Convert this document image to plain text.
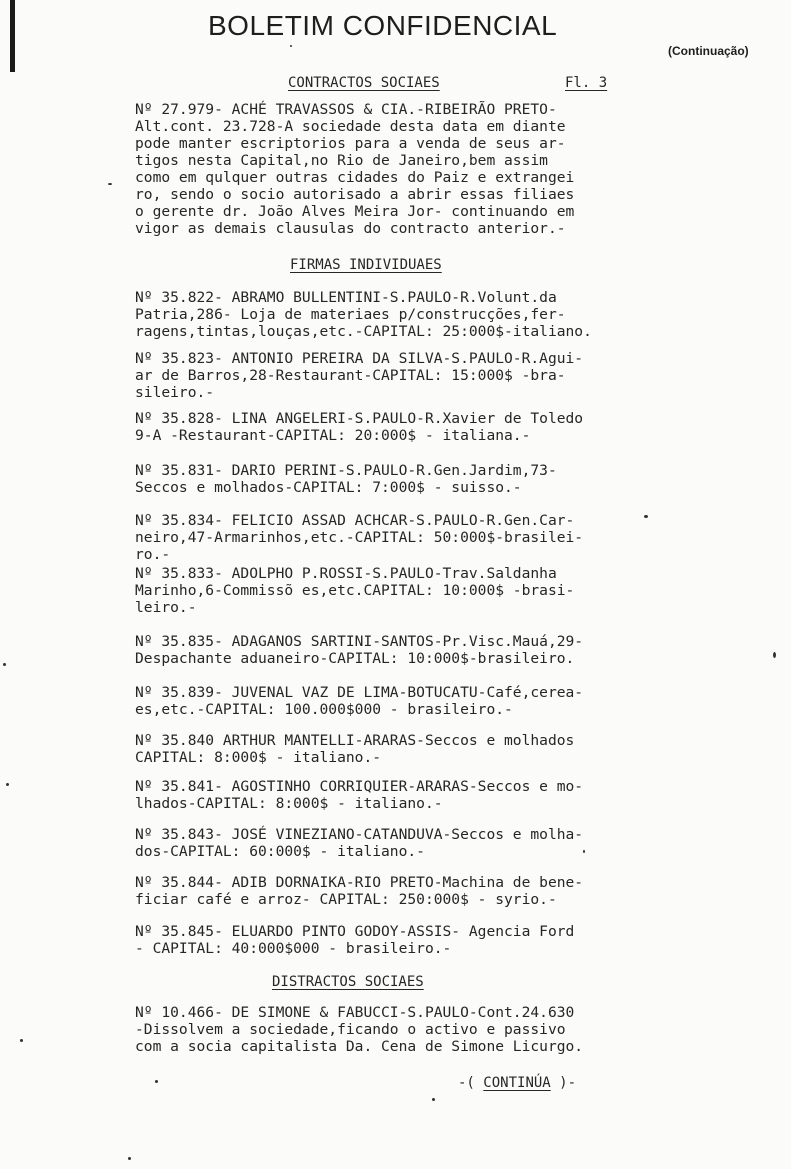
BOLETIM CONFIDENCIAL
(Continuação)
CONTRACTOS SOCIAES	Fl. 3
Nº 27.979- ACHÉ TRAVASSOS & CIA.-RIBEIRÃO PRETO-
Alt.cont. 23.728-A sociedade desta data em diante
pode manter escriptorios para a venda de seus ar-
tigos nesta Capital,no Rio de Janeiro,bem assim
como em qulquer outras cidades do Paiz e extrangei
ro, sendo o socio autorisado a abrir essas filiaes
o gerente dr. João Alves Meira Jor- continuando em
vigor as demais clausulas do contracto anterior.-
FIRMAS INDIVIDUAES
Nº 35.822- ABRAMO BULLENTINI-S.PAULO-R.Volunt.da
Patria,286- Loja de materiaes p/construcções,fer-
ragens,tintas,louças,etc.-CAPITAL: 25:000$-italiano.
Nº 35.823- ANTONIO PEREIRA DA SILVA-S.PAULO-R.Agui-
ar de Barros,28-Restaurant-CAPITAL: 15:000$ -bra-
sileiro.-
Nº 35.828- LINA ANGELERI-S.PAULO-R.Xavier de Toledo
9-A -Restaurant-CAPITAL: 20:000$ - italiana.-
Nº 35.831- DARIO PERINI-S.PAULO-R.Gen.Jardim,73-
Seccos e molhados-CAPITAL: 7:000$ - suisso.-
Nº 35.834- FELICIO ASSAD ACHCAR-S.PAULO-R.Gen.Car-
neiro,47-Armarinhos,etc.-CAPITAL: 50:000$-brasilei-
ro.-
Nº 35.833- ADOLPHO P.ROSSI-S.PAULO-Trav.Saldanha
Marinho,6-Commissõ es,etc.CAPITAL: 10:000$ -brasi-
leiro.-
Nº 35.835- ADAGANOS SARTINI-SANTOS-Pr.Visc.Mauá,29-
Despachante aduaneiro-CAPITAL: 10:000$-brasileiro.
Nº 35.839- JUVENAL VAZ DE LIMA-BOTUCATU-Café,cerea-
es,etc.-CAPITAL: 100.000$000 - brasileiro.-
Nº 35.840 ARTHUR MANTELLI-ARARAS-Seccos e molhados
CAPITAL: 8:000$ - italiano.-
Nº 35.841- AGOSTINHO CORRIQUIER-ARARAS-Seccos e mo-
lhados-CAPITAL: 8:000$ - italiano.-
Nº 35.843- JOSÉ VINEZIANO-CATANDUVA-Seccos e molha-
dos-CAPITAL: 60:000$ - italiano.-
Nº 35.844- ADIB DORNAIKA-RIO PRETO-Machina de bene-
ficiar café e arroz- CAPITAL: 250:000$ - syrio.-
Nº 35.845- ELUARDO PINTO GODOY-ASSIS- Agencia Ford
- CAPITAL: 40:000$000 - brasileiro.-
DISTRACTOS SOCIAES
Nº 10.466- DE SIMONE & FABUCCI-S.PAULO-Cont.24.630
-Dissolvem a sociedade,ficando o activo e passivo
com a socia capitalista Da. Cena de Simone Licurgo.
-( CONTINÚA )-
